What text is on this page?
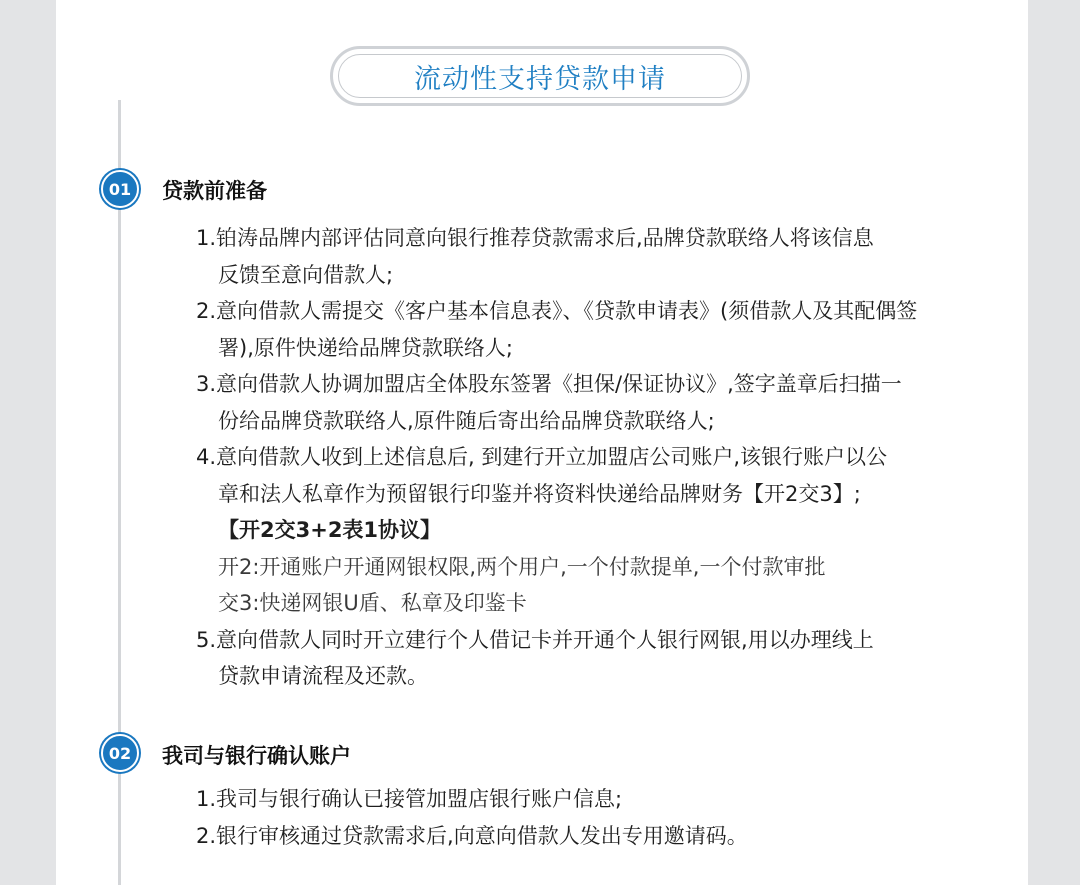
流动性支持贷款申请
01	贷款前准备
1.铂涛品牌内部评估同意向银行推荐贷款需求后,品牌贷款联络人将该信息
反馈至意向借款人;
2.意向借款人需提交《客户基本信息表》、《贷款申请表》(须借款人及其配偶签
署),原件快递给品牌贷款联络人;
3.意向借款人协调加盟店全体股东签署《担保/保证协议》,签字盖章后扫描一
份给品牌贷款联络人,原件随后寄出给品牌贷款联络人;
4.意向借款人收到上述信息后, 到建行开立加盟店公司账户,该银行账户以公
章和法人私章作为预留银行印鉴并将资料快递给品牌财务【开2交3】;
【开2交3+2表1协议】
开2:开通账户开通网银权限,两个用户,一个付款提单,一个付款审批
交3:快递网银U盾、私章及印鉴卡
5.意向借款人同时开立建行个人借记卡并开通个人银行网银,用以办理线上
贷款申请流程及还款。
02	我司与银行确认账户
1.我司与银行确认已接管加盟店银行账户信息;
2.银行审核通过贷款需求后,向意向借款人发出专用邀请码。
